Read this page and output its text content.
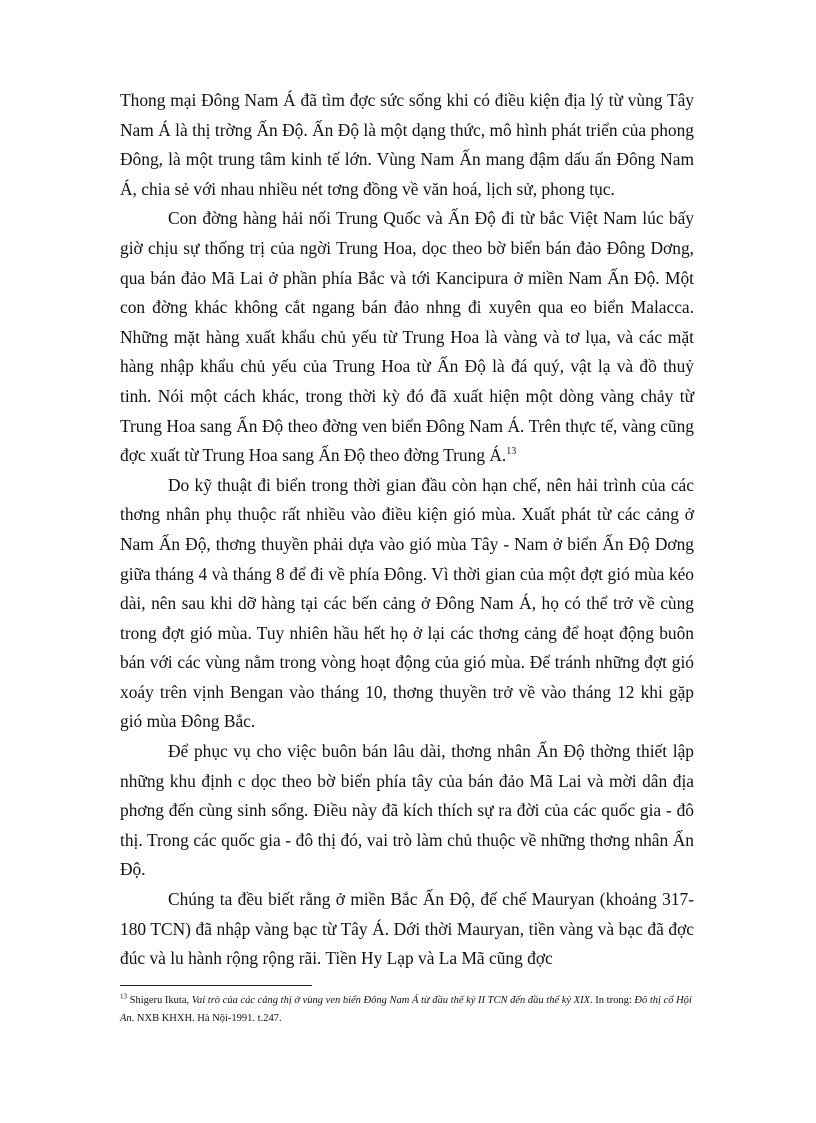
Thong mại Đông Nam Á đã tìm đợc sức sống khi có điều kiện địa lý từ vùng Tây Nam Á là thị trờng Ấn Độ. Ấn Độ là một dạng thức, mô hình phát triển của phong Đông, là một trung tâm kinh tế lớn. Vùng Nam Ấn mang đậm dấu ấn Đông Nam Á, chia sẻ với nhau nhiều nét tơng đồng về văn hoá, lịch sử, phong tục.

Con đờng hàng hải nối Trung Quốc và Ấn Độ đi từ bắc Việt Nam lúc bấy giờ chịu sự thống trị của ngời Trung Hoa, dọc theo bờ biển bán đảo Đông Dơng, qua bán đảo Mã Lai ở phần phía Bắc và tới Kancipura ở miền Nam Ấn Độ. Một con đờng khác không cắt ngang bán đảo nhng đi xuyên qua eo biển Malacca. Những mặt hàng xuất khẩu chủ yếu từ Trung Hoa là vàng và tơ lụa, và các mặt hàng nhập khẩu chủ yếu của Trung Hoa từ Ấn Độ là đá quý, vật lạ và đồ thuỷ tinh. Nói một cách khác, trong thời kỳ đó đã xuất hiện một dòng vàng chảy từ Trung Hoa sang Ấn Độ theo đờng ven biển Đông Nam Á. Trên thực tế, vàng cũng đợc xuất từ Trung Hoa sang Ấn Độ theo đờng Trung Á.$^{13}$

Do kỹ thuật đi biển trong thời gian đầu còn hạn chế, nên hải trình của các thơng nhân phụ thuộc rất nhiều vào điều kiện gió mùa. Xuất phát từ các cảng ở Nam Ấn Độ, thơng thuyền phải dựa vào gió mùa Tây - Nam ở biển Ấn Độ Dơng giữa tháng 4 và tháng 8 để đi về phía Đông. Vì thời gian của một đợt gió mùa kéo dài, nên sau khi dỡ hàng tại các bến cảng ở Đông Nam Á, họ có thể trở về cùng trong đợt gió mùa. Tuy nhiên hầu hết họ ở lại các thơng cảng để hoạt động buôn bán với các vùng nằm trong vòng hoạt động của gió mùa. Để tránh những đợt gió xoáy trên vịnh Bengan vào tháng 10, thơng thuyền trở về vào tháng 12 khi gặp gió mùa Đông Bắc.

Để phục vụ cho việc buôn bán lâu dài, thơng nhân Ấn Độ thờng thiết lập những khu định c dọc theo bờ biển phía tây của bán đảo Mã Lai và mời dân địa phơng đến cùng sinh sống. Điều này đã kích thích sự ra đời của các quốc gia - đô thị. Trong các quốc gia - đô thị đó, vai trò làm chủ thuộc về những thơng nhân Ấn Độ.

Chúng ta đều biết rằng ở miền Bắc Ấn Độ, đế chế Mauryan (khoảng 317-180 TCN) đã nhập vàng bạc từ Tây Á. Dới thời Mauryan, tiền vàng và bạc đã đợc đúc và lu hành rộng rộng rãi. Tiền Hy Lạp và La Mã cũng đợc

$^{13}$ Shigeru Ikuta, Vai trò của các cảng thị ở vùng ven biển Đông Nam Á từ đầu thế kỷ II TCN đến đầu thế kỷ XIX. In trong: Đô thị cổ Hội An. NXB KHXH. Hà Nội-1991. t.247.
